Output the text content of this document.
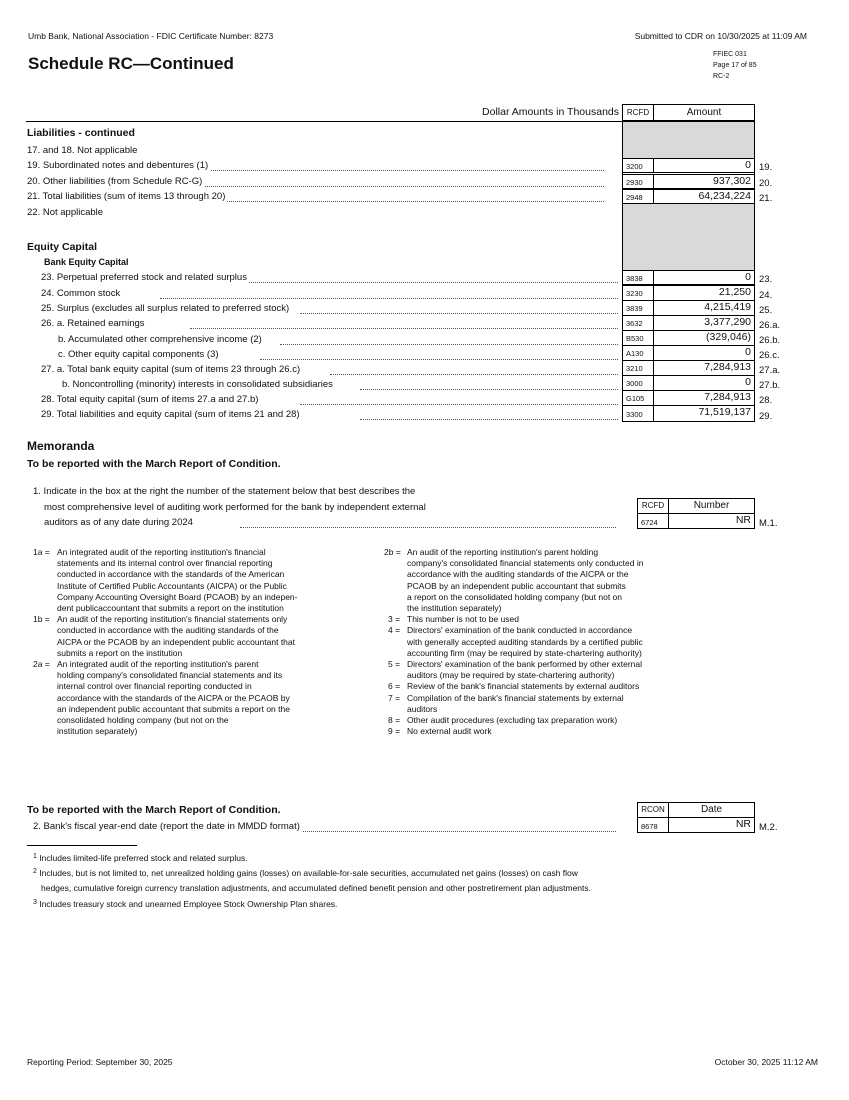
Umb Bank, National Association - FDIC Certificate Number: 8273	Submitted to CDR on 10/30/2025 at 11:09 AM
FFIEC 031
Page 17 of 85
RC-2
Schedule RC—Continued
Dollar Amounts in Thousands RCFD	Amount
Liabilities - continued
17. and 18. Not applicable
19. Subordinated notes and debentures (1)	3200	0 19.
20. Other liabilities (from Schedule RC-G)	2930	937,302 20.
21. Total liabilities (sum of items 13 through 20)	2948	64,234,224 21.
22. Not applicable
Equity Capital
Bank Equity Capital
23. Perpetual preferred stock and related surplus	3838	0 23.
24. Common stock	3230	21,250 24.
25. Surplus (excludes all surplus related to preferred stock)	3839	4,215,419 25.
26. a. Retained earnings	3632	3,377,290 26.a.
b. Accumulated other comprehensive income (2)	B530	(329,046) 26.b.
c. Other equity capital components (3)	A130	0 26.c.
27. a. Total bank equity capital (sum of items 23 through 26.c)	3210	7,284,913 27.a.
b. Noncontrolling (minority) interests in consolidated subsidiaries	3000	0 27.b.
28. Total equity capital (sum of items 27.a and 27.b)	G105	7,284,913 28.
29. Total liabilities and equity capital (sum of items 21 and 28)	3300	71,519,137 29.
Memoranda
To be reported with the March Report of Condition.
1. Indicate in the box at the right the number of the statement below that best describes the
most comprehensive level of auditing work performed for the bank by independent external
auditors as of any date during 2024
RCFD	Number
6724	NR M.1.
1a = An integrated audit of the reporting institution's financial
statements and its internal control over financial reporting
conducted in accordance with the standards of the American
Institute of Certified Public Accountants (AICPA) or the Public
Company Accounting Oversight Board (PCAOB) by an indepen-
dent publicaccountant that submits a report on the institution
1b = An audit of the reporting institution's financial statements only
conducted in accordance with the auditing standards of the
AICPA or the PCAOB by an independent public accountant that
submits a report on the institution
2a = An integrated audit of the reporting institution's parent
holding company's consolidated financial statements and its
internal control over financial reporting conducted in
accordance with the standards of the AICPA or the PCAOB by
an independent public accountant that submits a report on the
consolidated holding company (but not on the
institution separately)
2b = An audit of the reporting institution's parent holding
company's consolidated financial statements only conducted in
accordance with the auditing standards of the AICPA or the
PCAOB by an independent public accountant that submits
a report on the consolidated holding company (but not on
the institution separately)
3 = This number is not to be used
4 = Directors' examination of the bank conducted in accordance
with generally accepted auditing standards by a certified public
accounting firm (may be required by state-chartering authority)
5 = Directors' examination of the bank performed by other external
auditors (may be required by state-chartering authority)
6 = Review of the bank's financial statements by external auditors
7 = Compilation of the bank's financial statements by external
auditors
8 = Other audit procedures (excluding tax preparation work)
9 = No external audit work
To be reported with the March Report of Condition.
2. Bank's fiscal year-end date (report the date in MMDD format)
RCON	Date
8678	NR M.2.
$^1$ Includes limited-life preferred stock and related surplus.
$^2$ Includes, but is not limited to, net unrealized holding gains (losses) on available-for-sale securities, accumulated net gains (losses) on cash flow
hedges, cumulative foreign currency translation adjustments, and accumulated defined benefit pension and other postretirement plan adjustments.
$^3$ Includes treasury stock and unearned Employee Stock Ownership Plan shares.
Reporting Period: September 30, 2025	October 30, 2025 11:12 AM
